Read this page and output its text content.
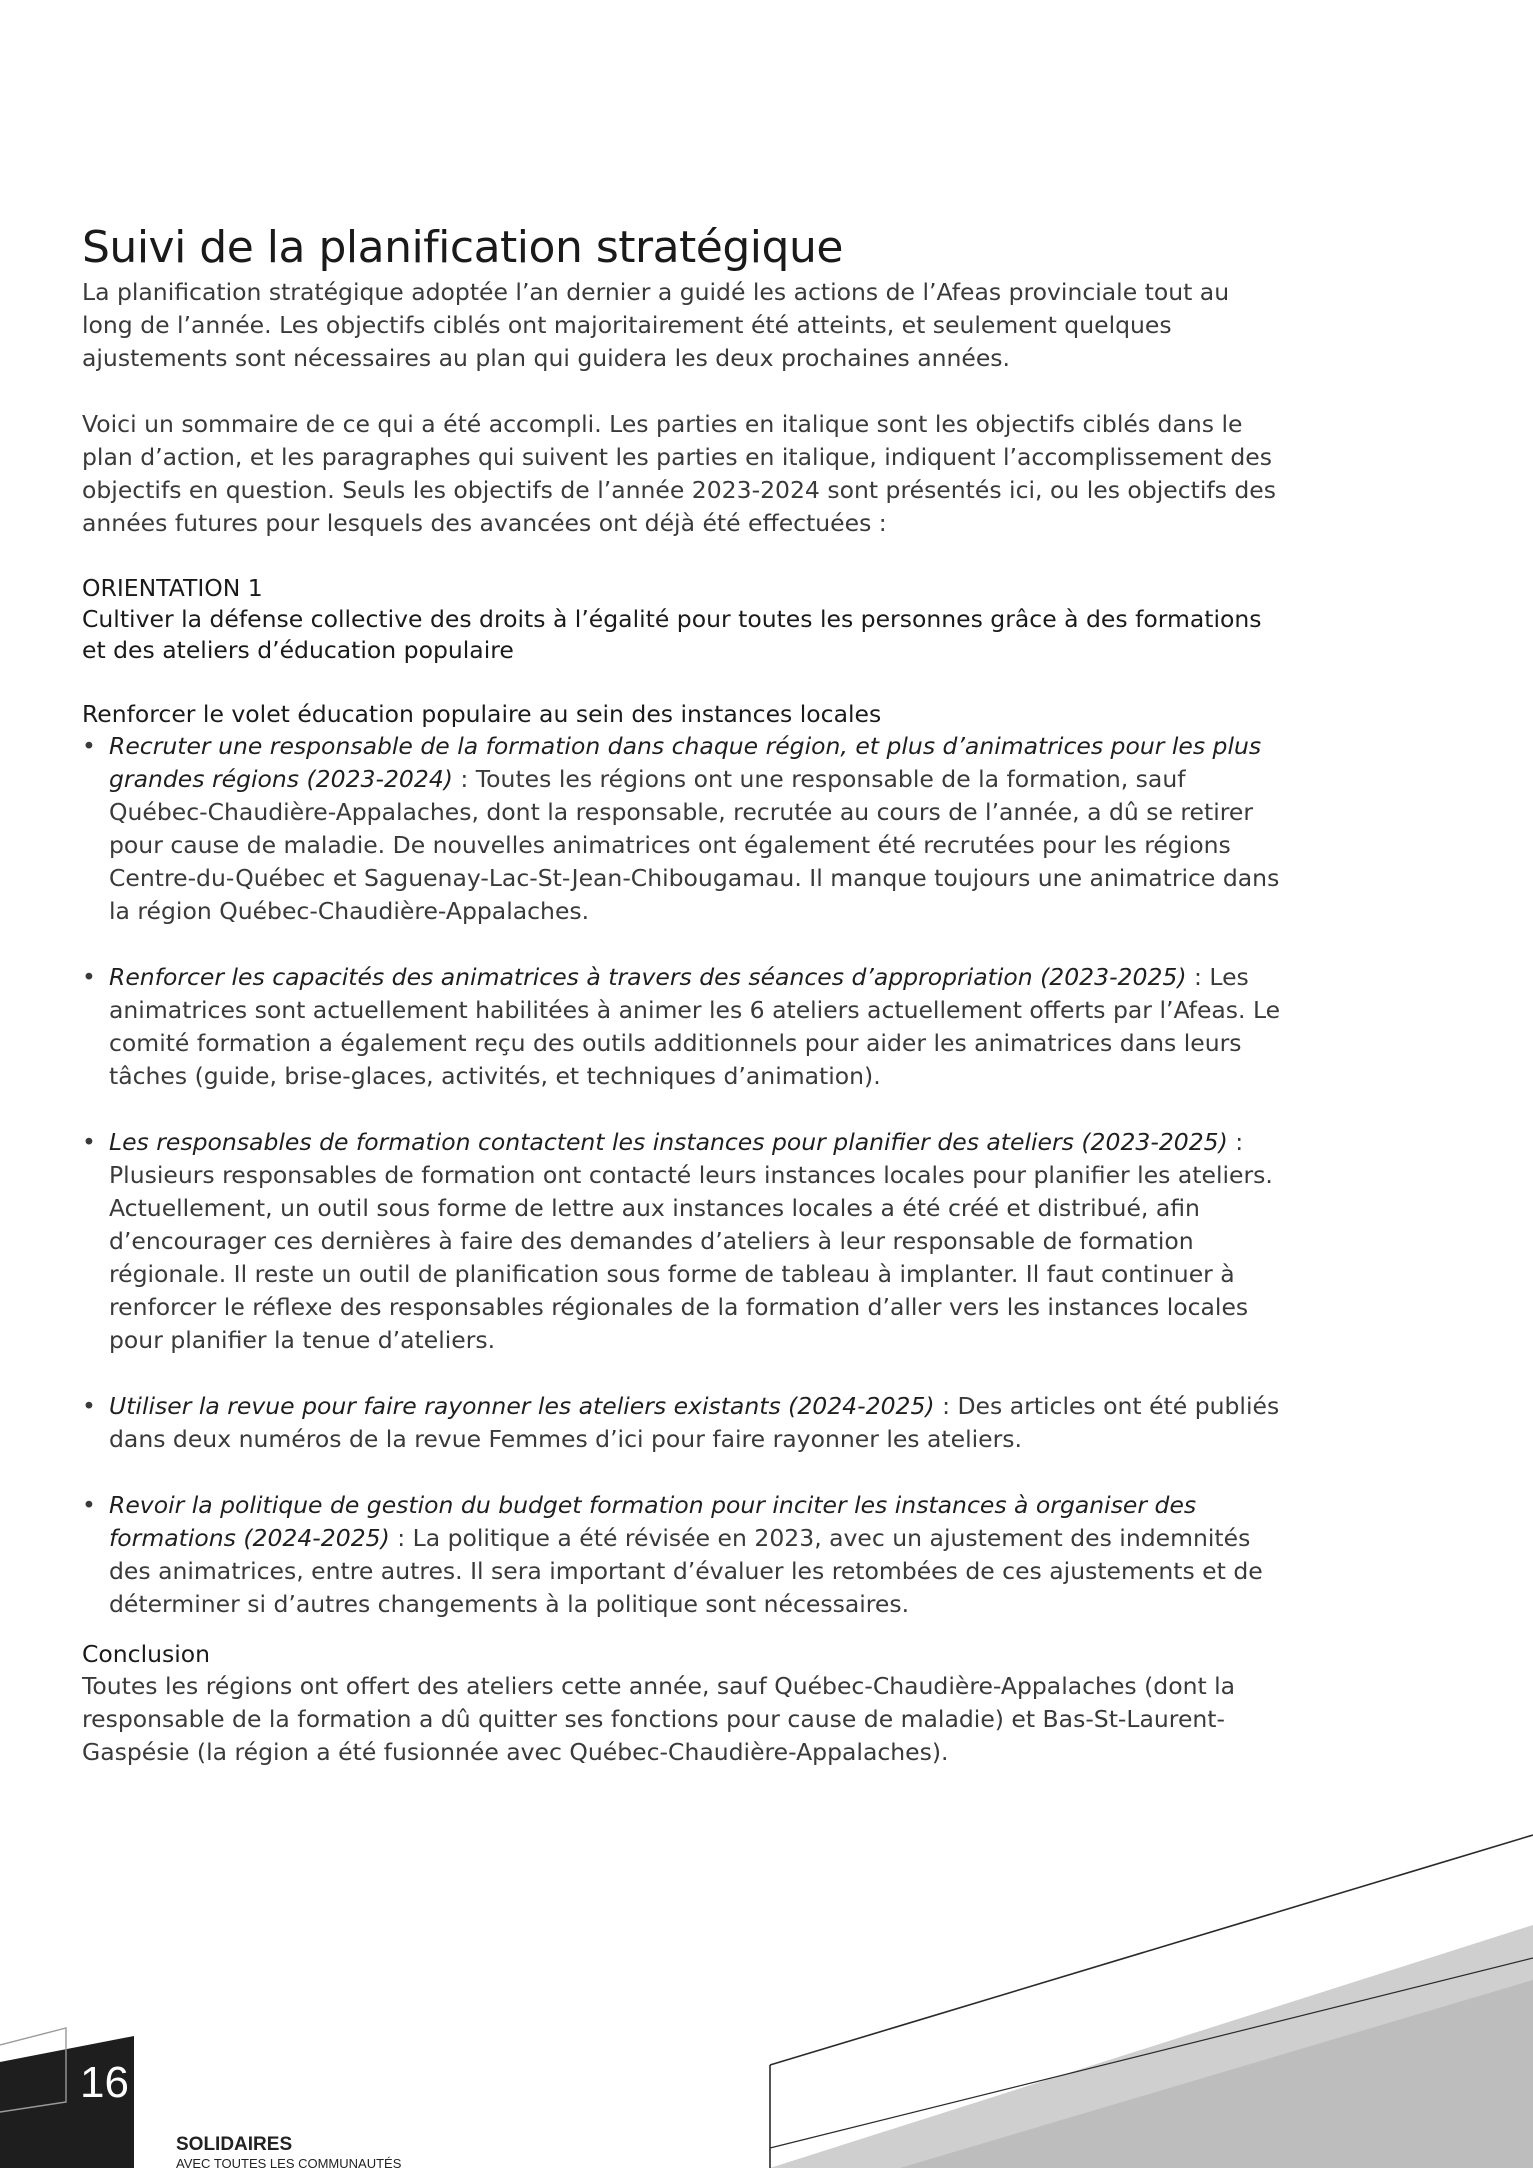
Suivi de la planification stratégique

La planification stratégique adoptée l’an dernier a guidé les actions de l’Afeas provinciale tout au long de l’année. Les objectifs ciblés ont majoritairement été atteints, et seulement quelques ajustements sont nécessaires au plan qui guidera les deux prochaines années.

Voici un sommaire de ce qui a été accompli. Les parties en italique sont les objectifs ciblés dans le plan d’action, et les paragraphes qui suivent les parties en italique, indiquent l’accomplissement des objectifs en question. Seuls les objectifs de l’année 2023-2024 sont présentés ici, ou les objectifs des années futures pour lesquels des avancées ont déjà été effectuées :

ORIENTATION 1

Cultiver la défense collective des droits à l’égalité pour toutes les personnes grâce à des formations et des ateliers d’éducation populaire

Renforcer le volet éducation populaire au sein des instances locales

• Recruter une responsable de la formation dans chaque région, et plus d’animatrices pour les plus grandes régions (2023-2024) : Toutes les régions ont une responsable de la formation, sauf Québec-Chaudière-Appalaches, dont la responsable, recrutée au cours de l’année, a dû se retirer pour cause de maladie. De nouvelles animatrices ont également été recrutées pour les régions Centre-du-Québec et Saguenay-Lac-St-Jean-Chibougamau. Il manque toujours une animatrice dans la région Québec-Chaudière-Appalaches.
• Renforcer les capacités des animatrices à travers des séances d’appropriation (2023-2025) : Les animatrices sont actuellement habilitées à animer les 6 ateliers actuellement offerts par l’Afeas. Le comité formation a également reçu des outils additionnels pour aider les animatrices dans leurs tâches (guide, brise-glaces, activités, et techniques d’animation).
• Les responsables de formation contactent les instances pour planifier des ateliers (2023-2025) : Plusieurs responsables de formation ont contacté leurs instances locales pour planifier les ateliers. Actuellement, un outil sous forme de lettre aux instances locales a été créé et distribué, afin d’encourager ces dernières à faire des demandes d’ateliers à leur responsable de formation régionale. Il reste un outil de planification sous forme de tableau à implanter. Il faut continuer à renforcer le réflexe des responsables régionales de la formation d’aller vers les instances locales pour planifier la tenue d’ateliers.
• Utiliser la revue pour faire rayonner les ateliers existants (2024-2025) : Des articles ont été publiés dans deux numéros de la revue Femmes d’ici pour faire rayonner les ateliers.
• Revoir la politique de gestion du budget formation pour inciter les instances à organiser des formations (2024-2025) : La politique a été révisée en 2023, avec un ajustement des indemnités des animatrices, entre autres. Il sera important d’évaluer les retombées de ces ajustements et de déterminer si d’autres changements à la politique sont nécessaires.

Conclusion

Toutes les régions ont offert des ateliers cette année, sauf Québec-Chaudière-Appalaches (dont la responsable de la formation a dû quitter ses fonctions pour cause de maladie) et Bas-St-Laurent-Gaspésie (la région a été fusionnée avec Québec-Chaudière-Appalaches).

16
SOLIDAIRES
AVEC TOUTES LES COMMUNAUTÉS
